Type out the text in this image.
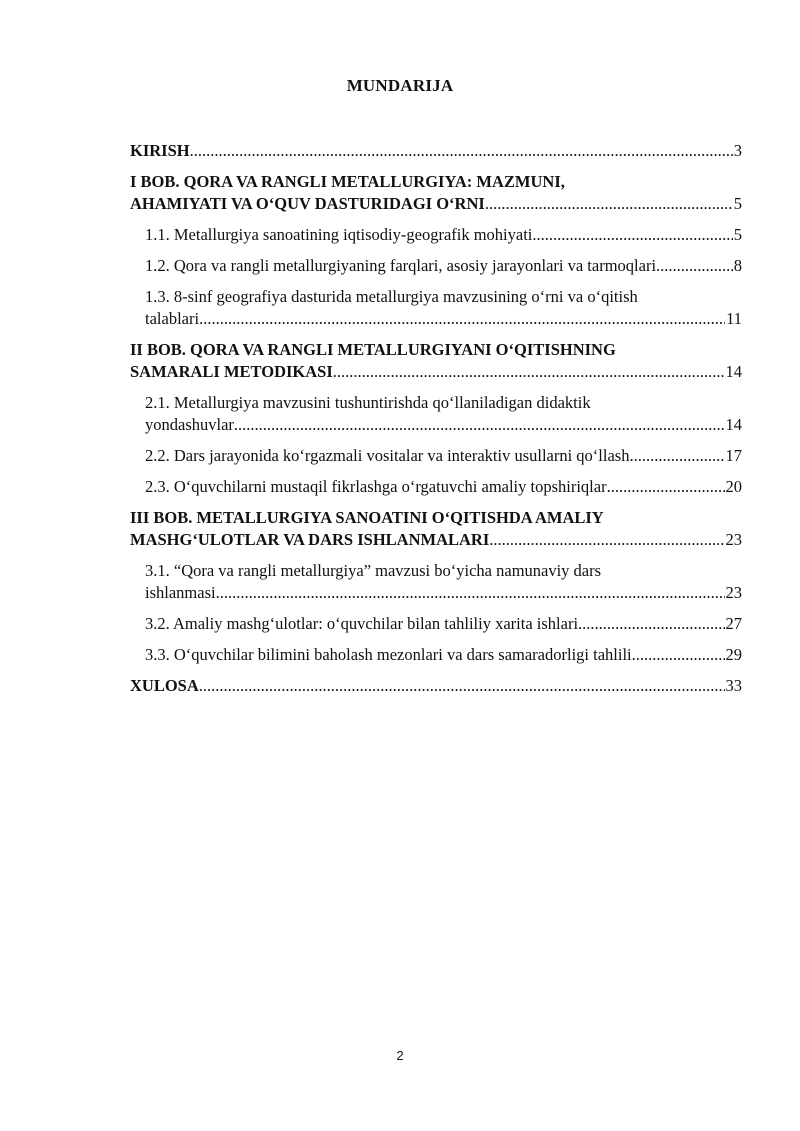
MUNDARIJA
KIRISH .....	3
I BOB. QORA VA RANGLI METALLURGIYA: MAZMUNI,
AHAMIYATI VA O‘QUV DASTURIDAGI O‘RNI .....	5
1.1. Metallurgiya sanoatining iqtisodiy-geografik mohiyati .....	5
1.2. Qora va rangli metallurgiyaning farqlari, asosiy jarayonlari va tarmoqlari .....	8
1.3. 8-sinf geografiya dasturida metallurgiya mavzusining o‘rni va o‘qitish
talablari .....	11
II BOB. QORA VA RANGLI METALLURGIYANI O‘QITISHNING
SAMARALI METODIKASI .....	14
2.1. Metallurgiya mavzusini tushuntirishda qo‘llaniladigan didaktik
yondashuvlar .....	14
2.2. Dars jarayonida ko‘rgazmali vositalar va interaktiv usullarni qo‘llash .....	17
2.3. O‘quvchilarni mustaqil fikrlashga o‘rgatuvchi amaliy topshiriqlar .....	20
III BOB. METALLURGIYA SANOATINI O‘QITISHDA AMALIY
MASHG‘ULOTLAR VA DARS ISHLANMALARI .....	23
3.1. “Qora va rangli metallurgiya” mavzusi bo‘yicha namunaviy dars
ishlanmasi .....	23
3.2. Amaliy mashg‘ulotlar: o‘quvchilar bilan tahliliy xarita ishlari .....	27
3.3. O‘quvchilar bilimini baholash mezonlari va dars samaradorligi tahlili .....	29
XULOSA .....	33
2
